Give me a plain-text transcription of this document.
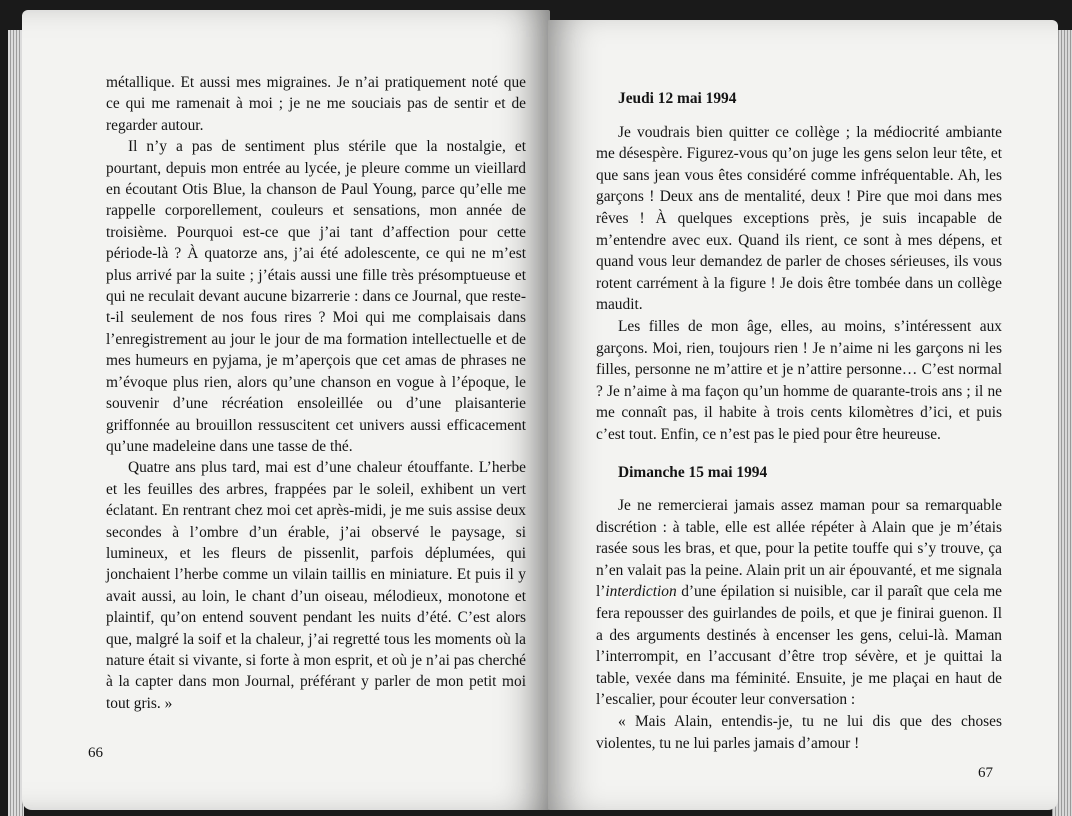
métallique. Et aussi mes migraines. Je n’ai pratiquement noté que ce qui me ramenait à moi ; je ne me souciais pas de sentir et de regarder autour.

Il n’y a pas de sentiment plus stérile que la nostalgie, et pourtant, depuis mon entrée au lycée, je pleure comme un vieillard en écoutant Otis Blue, la chanson de Paul Young, parce qu’elle me rappelle corporellement, couleurs et sensations, mon année de troisième. Pourquoi est-ce que j’ai tant d’affection pour cette période-là ? À quatorze ans, j’ai été adolescente, ce qui ne m’est plus arrivé par la suite ; j’étais aussi une fille très présomptueuse et qui ne reculait devant aucune bizarrerie : dans ce Journal, que reste-t-il seulement de nos fous rires ? Moi qui me complaisais dans l’enregistrement au jour le jour de ma formation intellectuelle et de mes humeurs en pyjama, je m’aperçois que cet amas de phrases ne m’évoque plus rien, alors qu’une chanson en vogue à l’époque, le souvenir d’une récréation ensoleillée ou d’une plaisanterie griffonnée au brouillon ressuscitent cet univers aussi efficacement qu’une madeleine dans une tasse de thé.

Quatre ans plus tard, mai est d’une chaleur étouffante. L’herbe et les feuilles des arbres, frappées par le soleil, exhibent un vert éclatant. En rentrant chez moi cet après-midi, je me suis assise deux secondes à l’ombre d’un érable, j’ai observé le paysage, si lumineux, et les fleurs de pissenlit, parfois déplumées, qui jonchaient l’herbe comme un vilain taillis en miniature. Et puis il y avait aussi, au loin, le chant d’un oiseau, mélodieux, monotone et plaintif, qu’on entend souvent pendant les nuits d’été. C’est alors que, malgré la soif et la chaleur, j’ai regretté tous les moments où la nature était si vivante, si forte à mon esprit, et où je n’ai pas cherché à la capter dans mon Journal, préférant y parler de mon petit moi tout gris. »

66
Jeudi 12 mai 1994

Je voudrais bien quitter ce collège ; la médiocrité ambiante me désespère. Figurez-vous qu’on juge les gens selon leur tête, et que sans jean vous êtes considéré comme infréquentable. Ah, les garçons ! Deux ans de mentalité, deux ! Pire que moi dans mes rêves ! À quelques exceptions près, je suis incapable de m’entendre avec eux. Quand ils rient, ce sont à mes dépens, et quand vous leur demandez de parler de choses sérieuses, ils vous rotent carrément à la figure ! Je dois être tombée dans un collège maudit.

Les filles de mon âge, elles, au moins, s’intéressent aux garçons. Moi, rien, toujours rien ! Je n’aime ni les garçons ni les filles, personne ne m’attire et je n’attire personne… C’est normal ? Je n’aime à ma façon qu’un homme de quarante-trois ans ; il ne me connaît pas, il habite à trois cents kilomètres d’ici, et puis c’est tout. Enfin, ce n’est pas le pied pour être heureuse.

Dimanche 15 mai 1994

Je ne remercierai jamais assez maman pour sa remarquable discrétion : à table, elle est allée répéter à Alain que je m’étais rasée sous les bras, et que, pour la petite touffe qui s’y trouve, ça n’en valait pas la peine. Alain prit un air épouvanté, et me signala l’interdiction d’une épilation si nuisible, car il paraît que cela me fera repousser des guirlandes de poils, et que je finirai guenon. Il a des arguments destinés à encenser les gens, celui-là. Maman l’interrompit, en l’accusant d’être trop sévère, et je quittai la table, vexée dans ma féminité. Ensuite, je me plaçai en haut de l’escalier, pour écouter leur conversation :

« Mais Alain, entendis-je, tu ne lui dis que des choses violentes, tu ne lui parles jamais d’amour !

67
